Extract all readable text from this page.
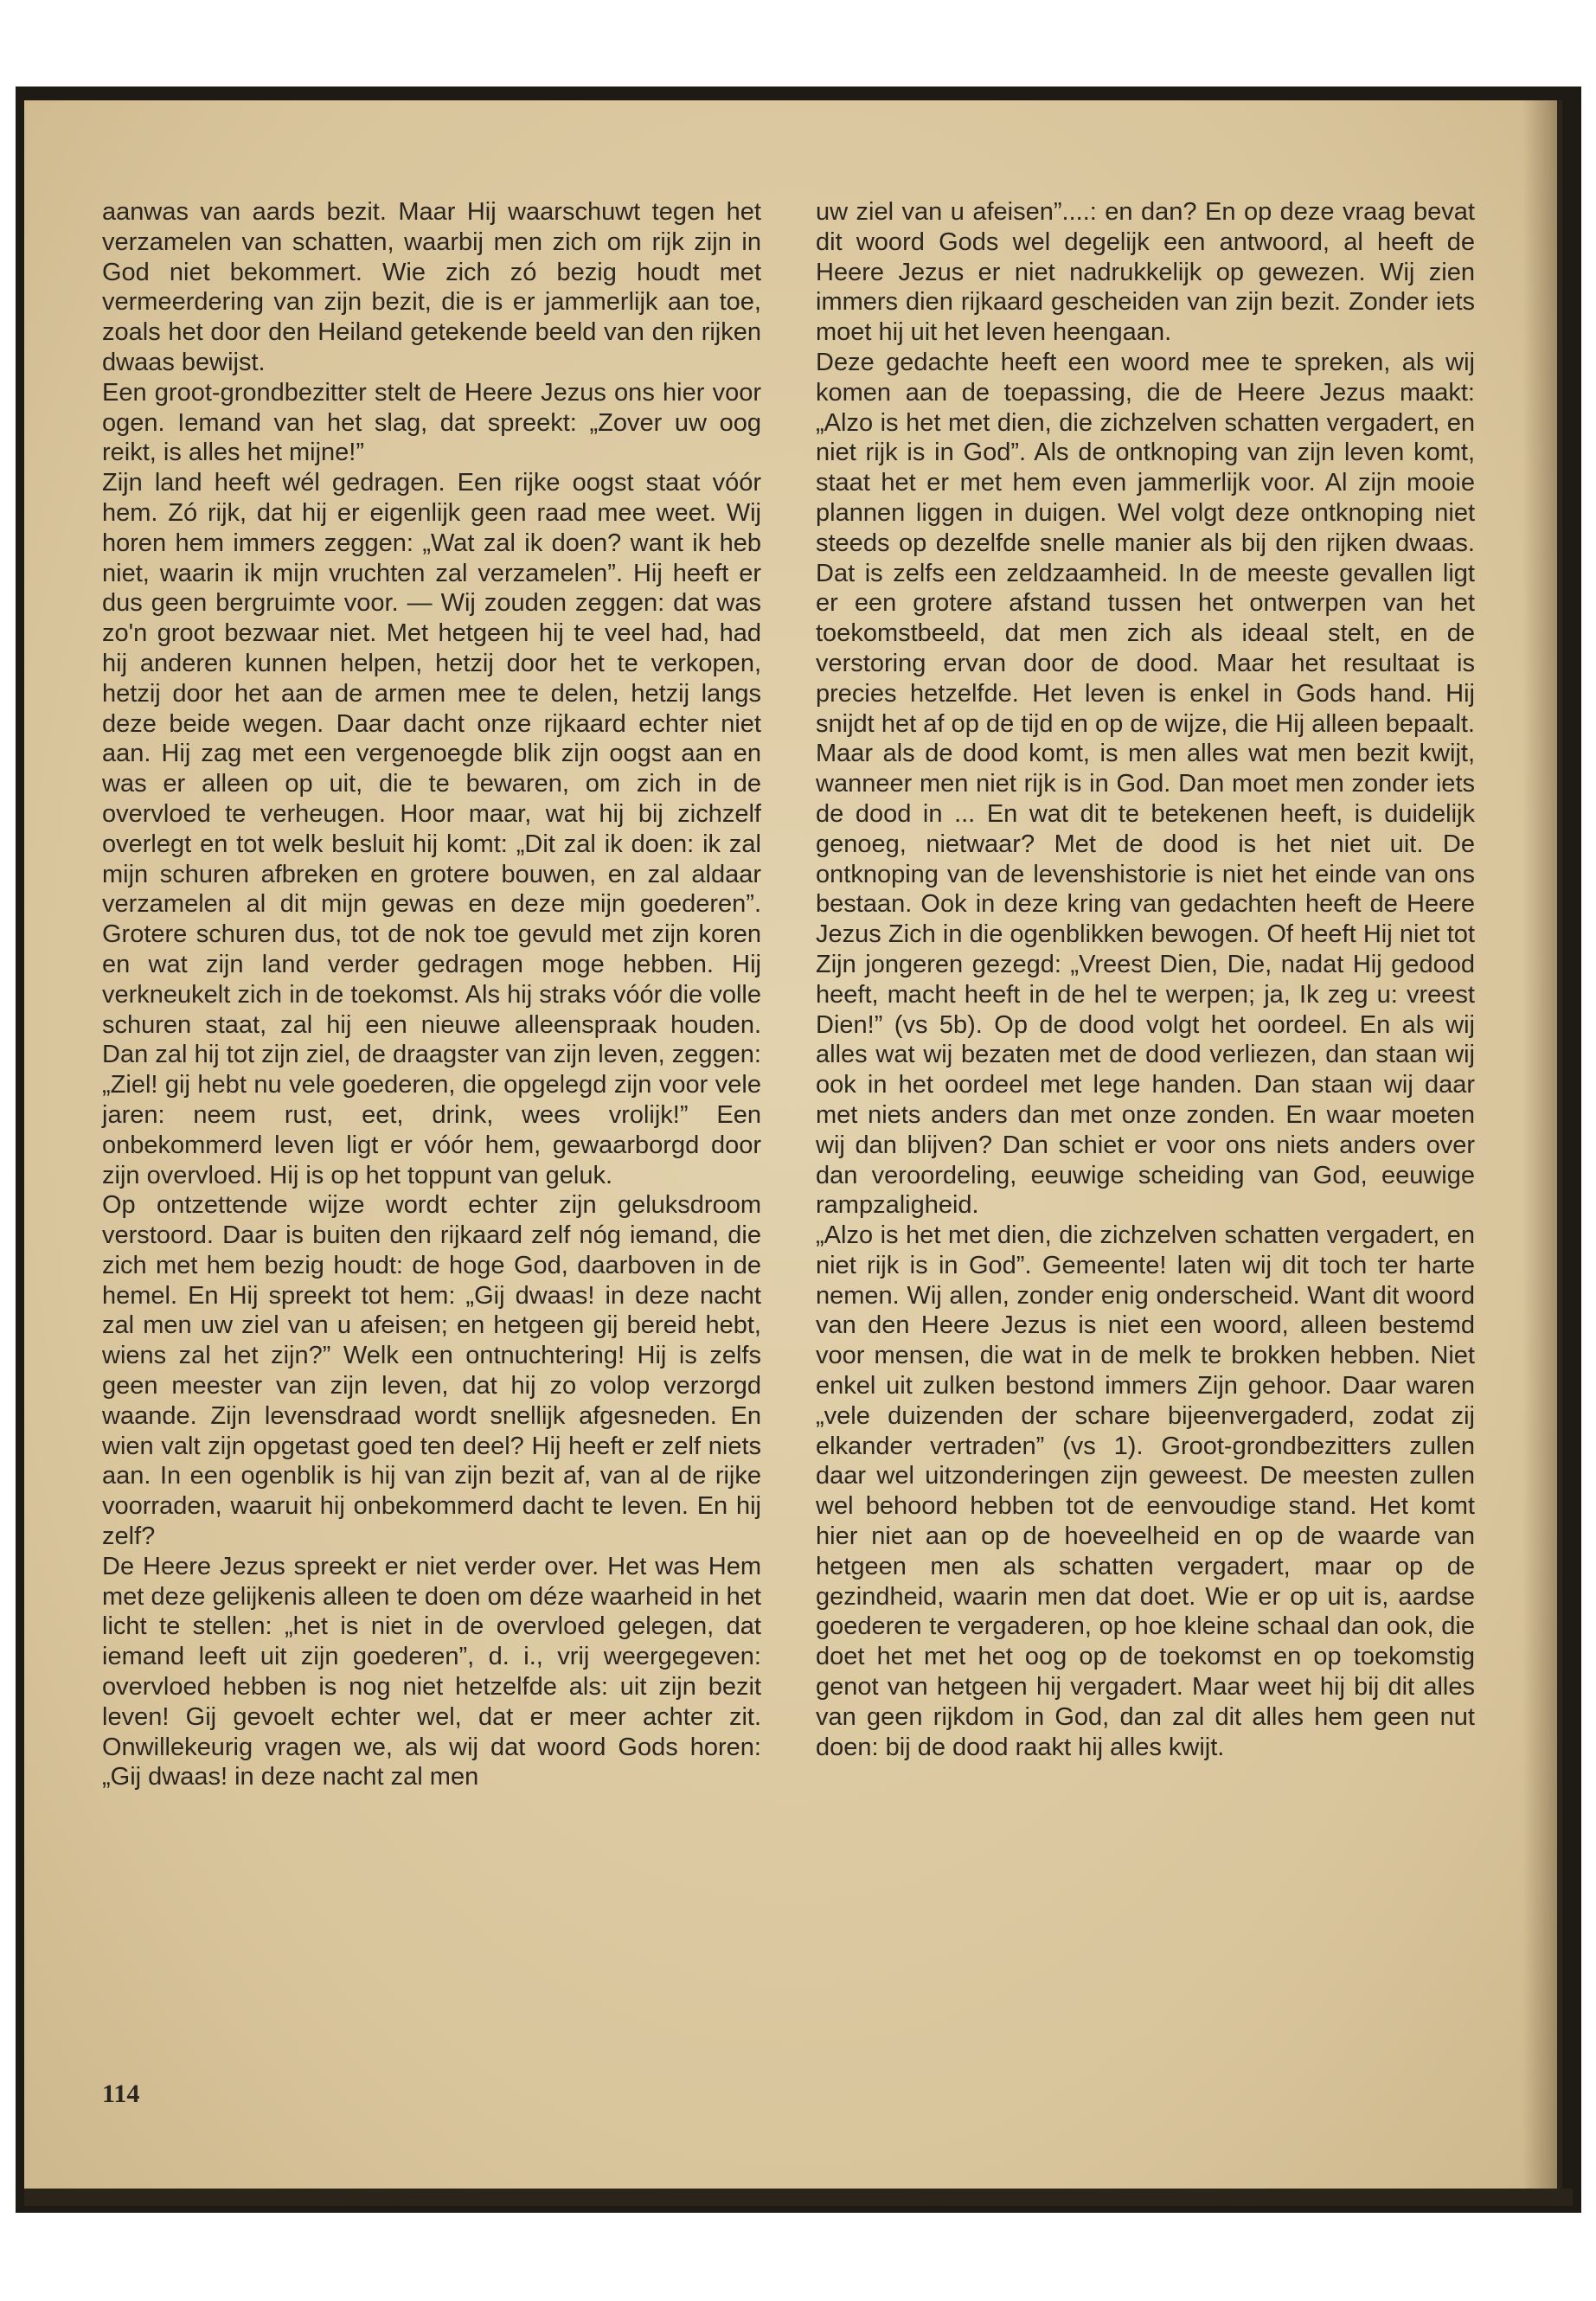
aanwas van aards bezit. Maar Hij waarschuwt tegen het verzamelen van schatten, waarbij men zich om rijk zijn in God niet bekommert. Wie zich zó bezig houdt met vermeerdering van zijn bezit, die is er jammerlijk aan toe, zoals het door den Heiland getekende beeld van den rijken dwaas bewijst.

Een groot-grondbezitter stelt de Heere Jezus ons hier voor ogen. Iemand van het slag, dat spreekt: „Zover uw oog reikt, is alles het mijne!”

Zijn land heeft wél gedragen. Een rijke oogst staat vóór hem. Zó rijk, dat hij er eigenlijk geen raad mee weet. Wij horen hem immers zeggen: „Wat zal ik doen? want ik heb niet, waarin ik mijn vruchten zal verzamelen”. Hij heeft er dus geen bergruimte voor. — Wij zouden zeggen: dat was zo'n groot bezwaar niet. Met hetgeen hij te veel had, had hij anderen kunnen helpen, hetzij door het te verkopen, hetzij door het aan de armen mee te delen, hetzij langs deze beide wegen. Daar dacht onze rijkaard echter niet aan. Hij zag met een vergenoegde blik zijn oogst aan en was er alleen op uit, die te bewaren, om zich in de overvloed te verheugen. Hoor maar, wat hij bij zichzelf overlegt en tot welk besluit hij komt: „Dit zal ik doen: ik zal mijn schuren afbreken en grotere bouwen, en zal aldaar verzamelen al dit mijn gewas en deze mijn goederen”. Grotere schuren dus, tot de nok toe gevuld met zijn koren en wat zijn land verder gedragen moge hebben. Hij verkneukelt zich in de toekomst. Als hij straks vóór die volle schuren staat, zal hij een nieuwe alleenspraak houden. Dan zal hij tot zijn ziel, de draagster van zijn leven, zeggen: „Ziel! gij hebt nu vele goederen, die opgelegd zijn voor vele jaren: neem rust, eet, drink, wees vrolijk!” Een onbekommerd leven ligt er vóór hem, gewaarborgd door zijn overvloed. Hij is op het toppunt van geluk.

Op ontzettende wijze wordt echter zijn geluksdroom verstoord. Daar is buiten den rijkaard zelf nóg iemand, die zich met hem bezig houdt: de hoge God, daarboven in de hemel. En Hij spreekt tot hem: „Gij dwaas! in deze nacht zal men uw ziel van u afeisen; en hetgeen gij bereid hebt, wiens zal het zijn?” Welk een ontnuchtering! Hij is zelfs geen meester van zijn leven, dat hij zo volop verzorgd waande. Zijn levensdraad wordt snellijk afgesneden. En wien valt zijn opgetast goed ten deel? Hij heeft er zelf niets aan. In een ogenblik is hij van zijn bezit af, van al de rijke voorraden, waaruit hij onbekommerd dacht te leven. En hij zelf?

De Heere Jezus spreekt er niet verder over. Het was Hem met deze gelijkenis alleen te doen om déze waarheid in het licht te stellen: „het is niet in de overvloed gelegen, dat iemand leeft uit zijn goederen”, d. i., vrij weergegeven: overvloed hebben is nog niet hetzelfde als: uit zijn bezit leven! Gij gevoelt echter wel, dat er meer achter zit. Onwillekeurig vragen we, als wij dat woord Gods horen: „Gij dwaas! in deze nacht zal men

uw ziel van u afeisen”....: en dan? En op deze vraag bevat dit woord Gods wel degelijk een antwoord, al heeft de Heere Jezus er niet nadrukkelijk op gewezen. Wij zien immers dien rijkaard gescheiden van zijn bezit. Zonder iets moet hij uit het leven heengaan.

Deze gedachte heeft een woord mee te spreken, als wij komen aan de toepassing, die de Heere Jezus maakt: „Alzo is het met dien, die zichzelven schatten vergadert, en niet rijk is in God”. Als de ontknoping van zijn leven komt, staat het er met hem even jammerlijk voor. Al zijn mooie plannen liggen in duigen. Wel volgt deze ontknoping niet steeds op dezelfde snelle manier als bij den rijken dwaas. Dat is zelfs een zeldzaamheid. In de meeste gevallen ligt er een grotere afstand tussen het ontwerpen van het toekomstbeeld, dat men zich als ideaal stelt, en de verstoring ervan door de dood. Maar het resultaat is precies hetzelfde. Het leven is enkel in Gods hand. Hij snijdt het af op de tijd en op de wijze, die Hij alleen bepaalt. Maar als de dood komt, is men alles wat men bezit kwijt, wanneer men niet rijk is in God. Dan moet men zonder iets de dood in ... En wat dit te betekenen heeft, is duidelijk genoeg, nietwaar? Met de dood is het niet uit. De ontknoping van de levenshistorie is niet het einde van ons bestaan. Ook in deze kring van gedachten heeft de Heere Jezus Zich in die ogenblikken bewogen. Of heeft Hij niet tot Zijn jongeren gezegd: „Vreest Dien, Die, nadat Hij gedood heeft, macht heeft in de hel te werpen; ja, Ik zeg u: vreest Dien!” (vs 5b). Op de dood volgt het oordeel. En als wij alles wat wij bezaten met de dood verliezen, dan staan wij ook in het oordeel met lege handen. Dan staan wij daar met niets anders dan met onze zonden. En waar moeten wij dan blijven? Dan schiet er voor ons niets anders over dan veroordeling, eeuwige scheiding van God, eeuwige rampzaligheid.

„Alzo is het met dien, die zichzelven schatten vergadert, en niet rijk is in God”. Gemeente! laten wij dit toch ter harte nemen. Wij allen, zonder enig onderscheid. Want dit woord van den Heere Jezus is niet een woord, alleen bestemd voor mensen, die wat in de melk te brokken hebben. Niet enkel uit zulken bestond immers Zijn gehoor. Daar waren „vele duizenden der schare bijeenvergaderd, zodat zij elkander vertraden” (vs 1). Groot-grondbezitters zullen daar wel uitzonderingen zijn geweest. De meesten zullen wel behoord hebben tot de eenvoudige stand. Het komt hier niet aan op de hoeveelheid en op de waarde van hetgeen men als schatten vergadert, maar op de gezindheid, waarin men dat doet. Wie er op uit is, aardse goederen te vergaderen, op hoe kleine schaal dan ook, die doet het met het oog op de toekomst en op toekomstig genot van hetgeen hij vergadert. Maar weet hij bij dit alles van geen rijkdom in God, dan zal dit alles hem geen nut doen: bij de dood raakt hij alles kwijt.

114
